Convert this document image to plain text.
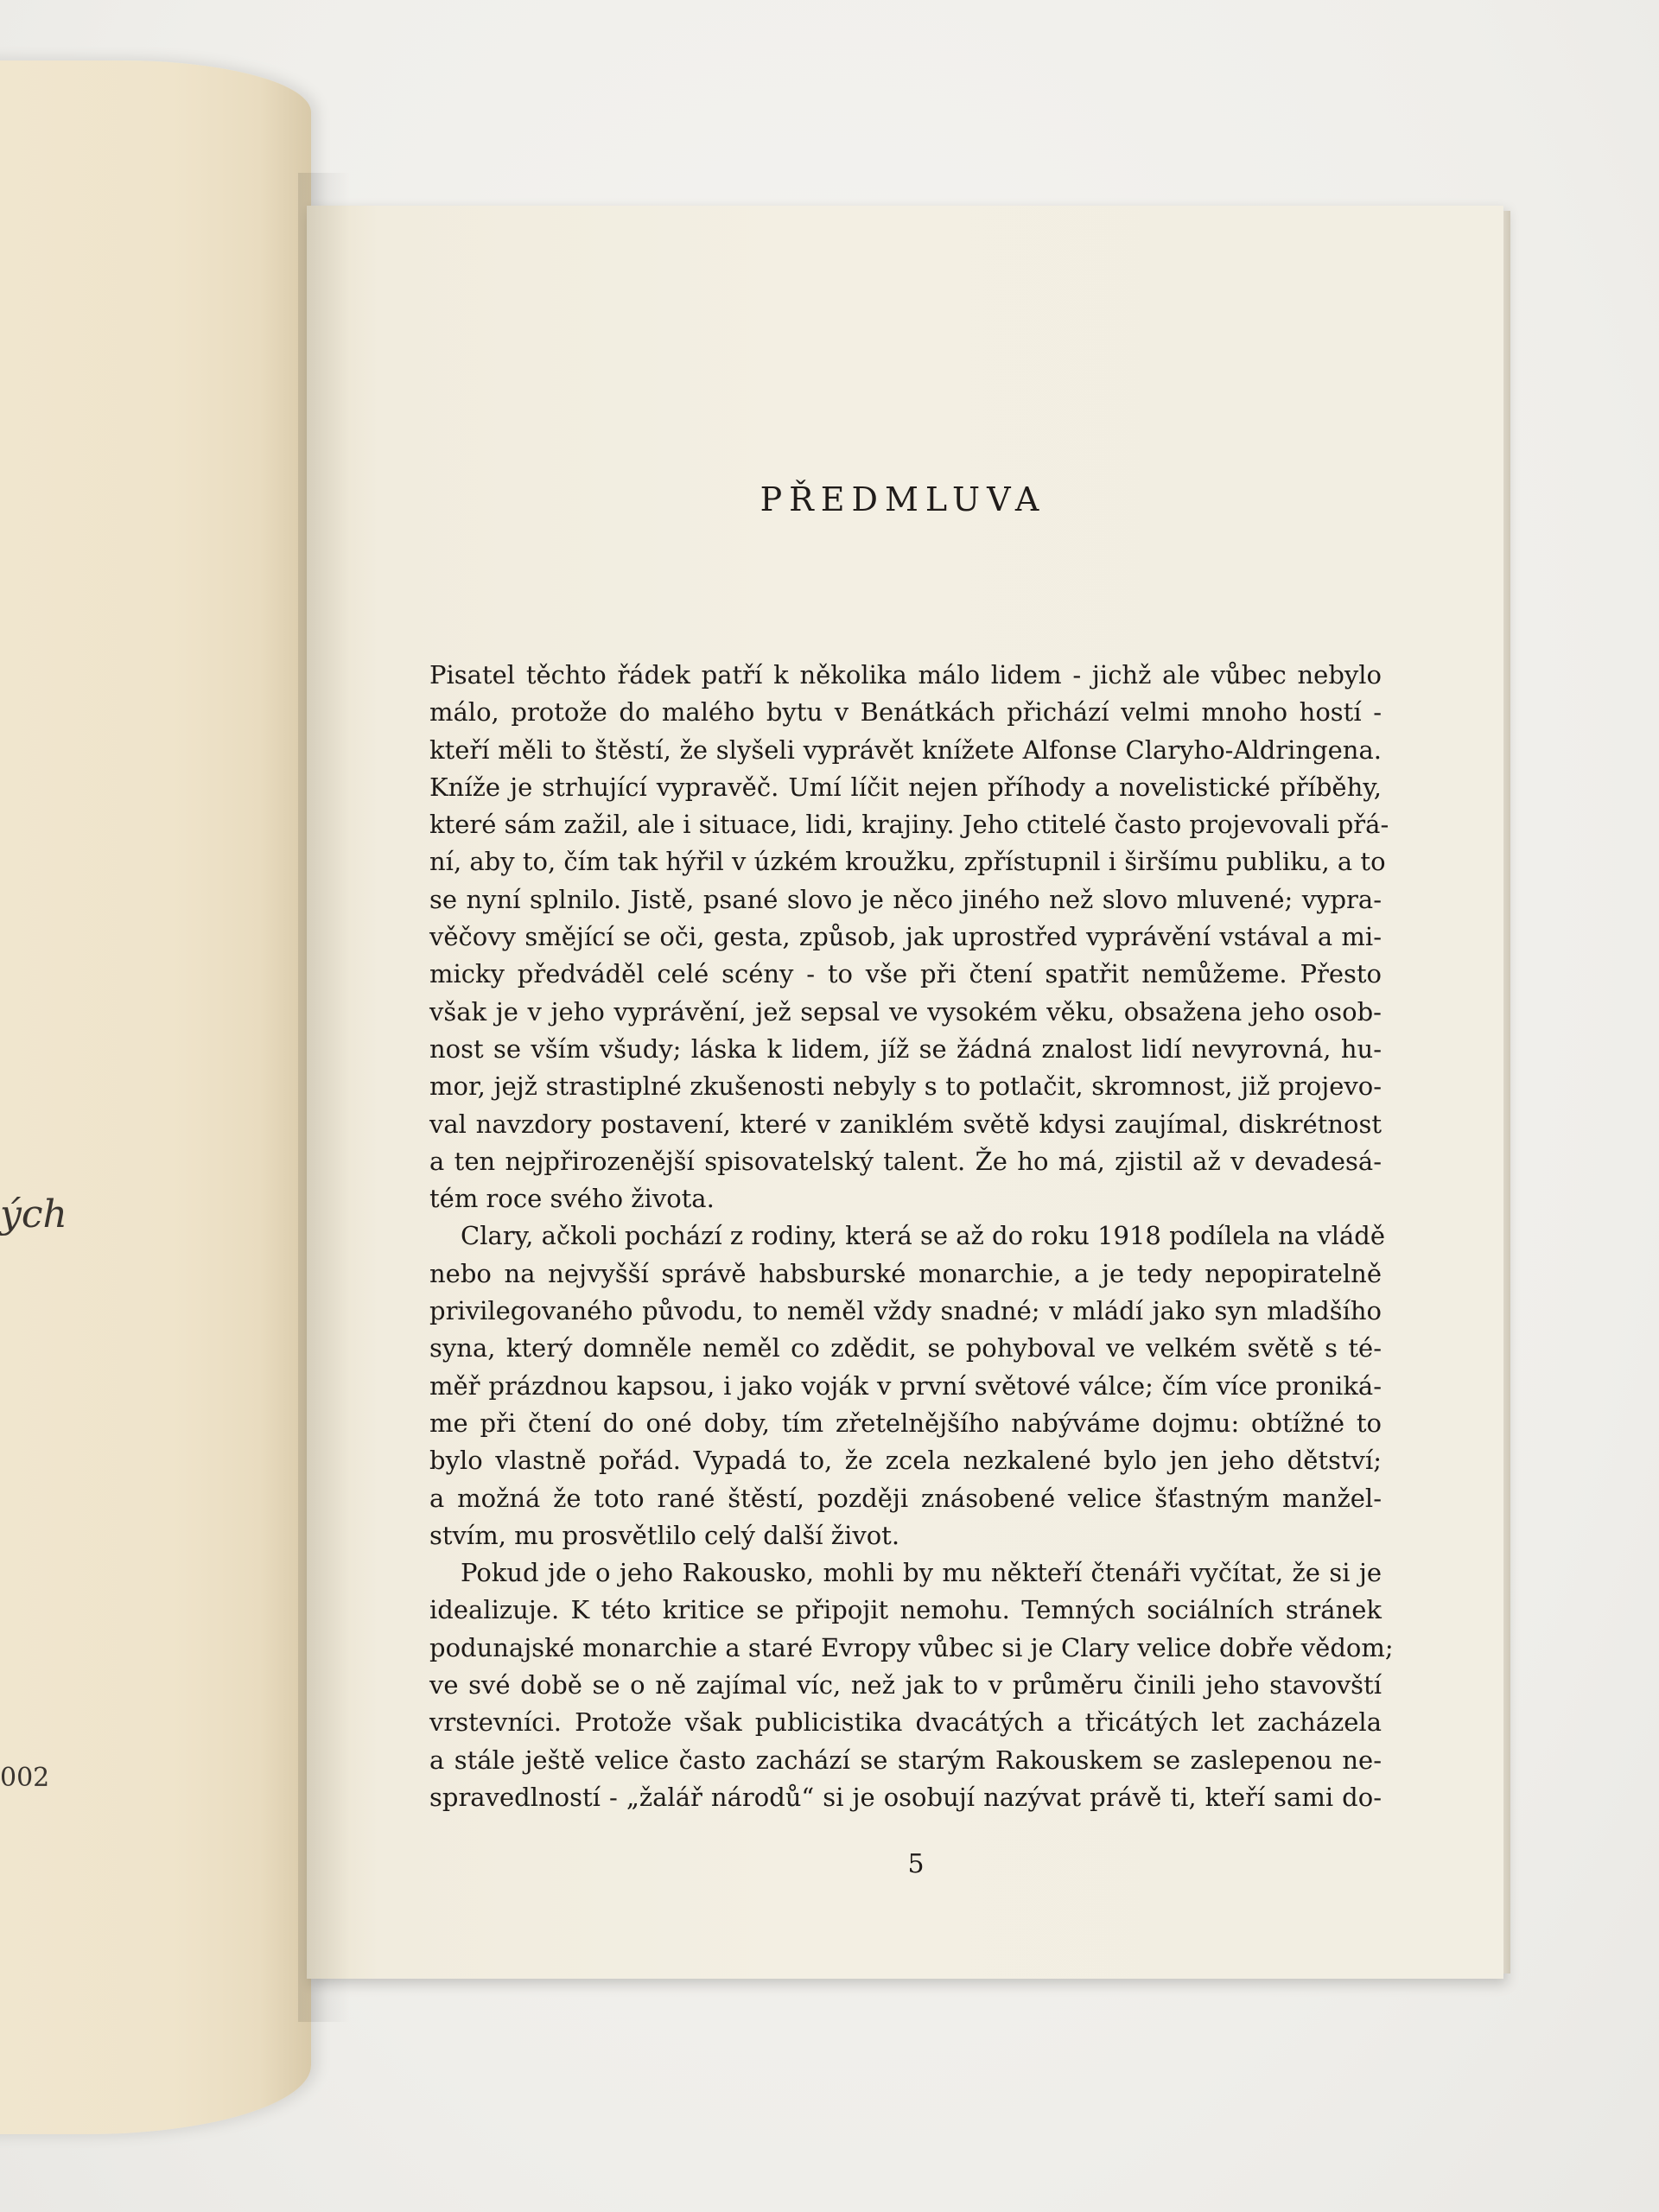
ých
002
PŘEDMLUVA
Pisatel těchto řádek patří k několika málo lidem - jichž ale vůbec nebylo
málo, protože do malého bytu v Benátkách přichází velmi mnoho hostí -
kteří měli to štěstí, že slyšeli vyprávět knížete Alfonse Claryho-Aldringena.
Kníže je strhující vypravěč. Umí líčit nejen příhody a novelistické příběhy,
které sám zažil, ale i situace, lidi, krajiny. Jeho ctitelé často projevovali přá-
ní, aby to, čím tak hýřil v úzkém kroužku, zpřístupnil i širšímu publiku, a to
se nyní splnilo. Jistě, psané slovo je něco jiného než slovo mluvené; vypra-
věčovy smějící se oči, gesta, způsob, jak uprostřed vyprávění vstával a mi-
micky předváděl celé scény - to vše při čtení spatřit nemůžeme. Přesto
však je v jeho vyprávění, jež sepsal ve vysokém věku, obsažena jeho osob-
nost se vším všudy; láska k lidem, jíž se žádná znalost lidí nevyrovná, hu-
mor, jejž strastiplné zkušenosti nebyly s to potlačit, skromnost, již projevo-
val navzdory postavení, které v zaniklém světě kdysi zaujímal, diskrétnost
a ten nejpřirozenější spisovatelský talent. Že ho má, zjistil až v devadesá-
tém roce svého života.
Clary, ačkoli pochází z rodiny, která se až do roku 1918 podílela na vládě
nebo na nejvyšší správě habsburské monarchie, a je tedy nepopiratelně
privilegovaného původu, to neměl vždy snadné; v mládí jako syn mladšího
syna, který domněle neměl co zdědit, se pohyboval ve velkém světě s té-
měř prázdnou kapsou, i jako voják v první světové válce; čím více proniká-
me při čtení do oné doby, tím zřetelnějšího nabýváme dojmu: obtížné to
bylo vlastně pořád. Vypadá to, že zcela nezkalené bylo jen jeho dětství;
a možná že toto rané štěstí, později znásobené velice šťastným manžel-
stvím, mu prosvětlilo celý další život.
Pokud jde o jeho Rakousko, mohli by mu někteří čtenáři vyčítat, že si je
idealizuje. K této kritice se připojit nemohu. Temných sociálních stránek
podunajské monarchie a staré Evropy vůbec si je Clary velice dobře vědom;
ve své době se o ně zajímal víc, než jak to v průměru činili jeho stavovští
vrstevníci. Protože však publicistika dvacátých a třicátých let zacházela
a stále ještě velice často zachází se starým Rakouskem se zaslepenou ne-
spravedlností - „žalář národů“ si je osobují nazývat právě ti, kteří sami do-
5
